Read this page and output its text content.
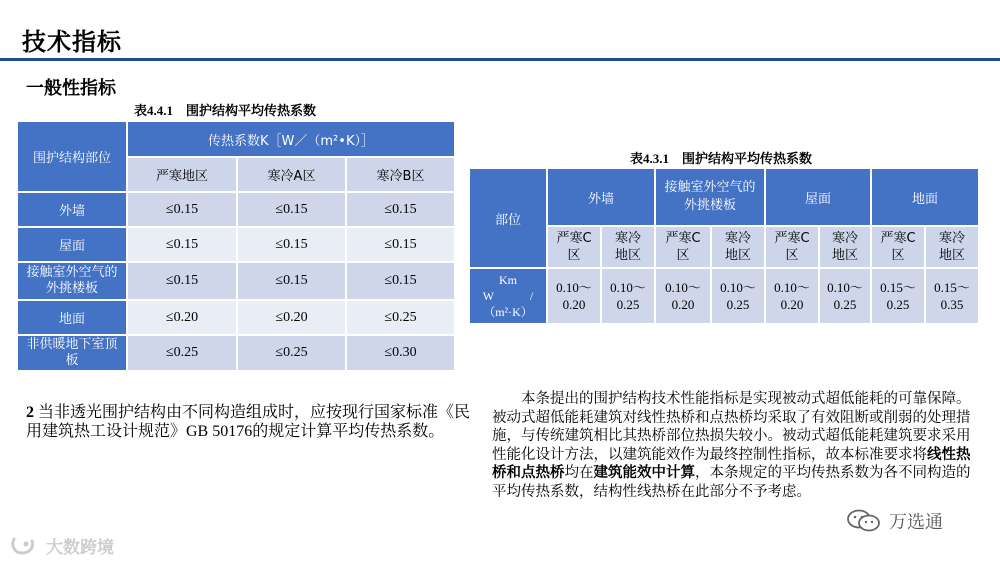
技术指标
一般性指标
表4.4.1　围护结构平均传热系数
围护结构部位	传热系数K［W／（m²•K）］		
	严寒地区	寒冷A区	寒冷B区
外墙	≤0.15	≤0.15	≤0.15
屋面	≤0.15	≤0.15	≤0.15
接触室外空气的外挑楼板	≤0.15	≤0.15	≤0.15
地面	≤0.20	≤0.20	≤0.25
非供暖地下室顶板	≤0.25	≤0.25	≤0.30
表4.3.1　围护结构平均传热系数
部位	外墙		接触室外空气的外挑楼板		屋面		地面	
	严寒C区	寒冷地区	严寒C区	寒冷地区	严寒C区	寒冷地区	严寒C区	寒冷地区

Km
W　　　/
（m²·K）	0.10～0.20	0.10～0.25	0.10～0.20	0.10～0.25	0.10～0.20	0.10～0.25	0.15～0.25	0.15～0.35
2 当非透光围护结构由不同构造组成时，应按现行国家标准《民用建筑热工设计规范》GB 50176的规定计算平均传热系数。
本条提出的围护结构技术性能指标是实现被动式超低能耗的可靠保障。被动式超低能耗建筑对线性热桥和点热桥均采取了有效阻断或削弱的处理措施，与传统建筑相比其热桥部位热损失较小。被动式超低能耗建筑要求采用性能化设计方法，以建筑能效作为最终控制性指标，故本标准要求将线性热桥和点热桥均在建筑能效中计算，本条规定的平均传热系数为各不同构造的平均传热系数，结构性线热桥在此部分不予考虑。
大数跨境
万选通
